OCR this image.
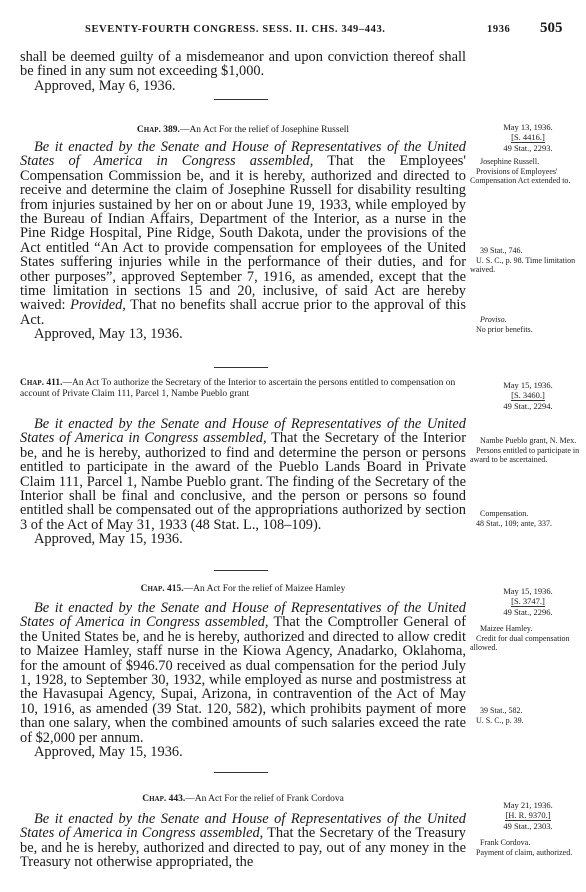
SEVENTY-FOURTH CONGRESS. SESS. II. CHS. 349–443.	1936 505

shall be deemed guilty of a misdemeanor and upon conviction thereof shall be fined in any sum not exceeding $1,000.

Approved, May 6, 1936.

Chap. 389.—An Act For the relief of Josephine Russell	May 13, 1936.
[S. 4416.]
49 Stat., 2293.

Be it enacted by the Senate and House of Representatives of the United States of America in Congress assembled, That the Employees' Compensation Commission be, and it is hereby, authorized and directed to receive and determine the claim of Josephine Russell for disability resulting from injuries sustained by her on or about June 19, 1933, while employed by the Bureau of Indian Affairs, Department of the Interior, as a nurse in the Pine Ridge Hospital, Pine Ridge, South Dakota, under the provisions of the Act entitled “An Act to provide compensation for employees of the United States suffering injuries while in the performance of their duties, and for other purposes”, approved September 7, 1916, as amended, except that the time limitation in sections 15 and 20, inclusive, of said Act are hereby waived: Provided, That no benefits shall accrue prior to the approval of this Act.

Approved, May 13, 1936.

Josephine Russell.
Provisions of Employees' Compensation Act extended to.
39 Stat., 746.
U. S. C., p. 98. Time limitation waived.
Proviso.
No prior benefits.
Chap. 411.—An Act To authorize the Secretary of the Interior to ascertain the persons entitled to compensation on account of Private Claim 111, Parcel 1, Nambe Pueblo grant
May 15, 1936.
[S. 3460.]
49 Stat., 2294.

Be it enacted by the Senate and House of Representatives of the United States of America in Congress assembled, That the Secretary of the Interior be, and he is hereby, authorized to find and determine the person or persons entitled to participate in the award of the Pueblo Lands Board in Private Claim 111, Parcel 1, Nambe Pueblo grant. The finding of the Secretary of the Interior shall be final and conclusive, and the person or persons so found entitled shall be compensated out of the appropriations authorized by section 3 of the Act of May 31, 1933 (48 Stat. L., 108–109).

Approved, May 15, 1936.

Nambe Pueblo grant, N. Mex.
Persons entitled to participate in award to be ascertained.
Compensation.
48 Stat., 109; ante, 337.
Chap. 415.—An Act For the relief of Maizee Hamley	May 15, 1936.
[S. 3747.]
49 Stat., 2296.

Be it enacted by the Senate and House of Representatives of the United States of America in Congress assembled, That the Comptroller General of the United States be, and he is hereby, authorized and directed to allow credit to Maizee Hamley, staff nurse in the Kiowa Agency, Anadarko, Oklahoma, for the amount of $946.70 received as dual compensation for the period July 1, 1928, to September 30, 1932, while employed as nurse and postmistress at the Havasupai Agency, Supai, Arizona, in contravention of the Act of May 10, 1916, as amended (39 Stat. 120, 582), which prohibits payment of more than one salary, when the combined amounts of such salaries exceed the rate of $2,000 per annum.

Approved, May 15, 1936.

Maizee Hamley.
Credit for dual compensation allowed.
39 Stat., 582.
U. S. C., p. 39.
Chap. 443.—An Act For the relief of Frank Cordova
May 21, 1936.
[H. R. 9370.]
49 Stat., 2303.

Be it enacted by the Senate and House of Representatives of the United States of America in Congress assembled, That the Secretary of the Treasury be, and he is hereby, authorized and directed to pay, out of any money in the Treasury not otherwise appropriated, the

Frank Cordova.
Payment of claim, authorized.
